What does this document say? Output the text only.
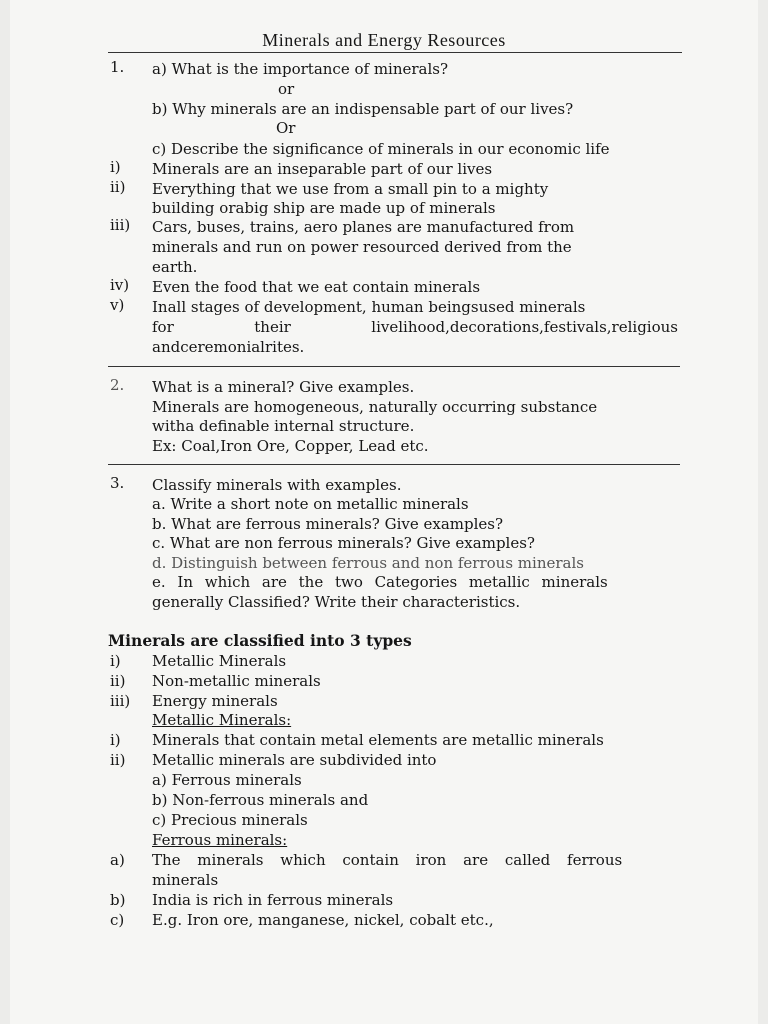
Minerals and Energy Resources
1. a) What is the importance of minerals?
or
b) Why minerals are an indispensable part of our lives?
Or
c) Describe the significance of minerals in our economic life
i) Minerals are an inseparable part of our lives
ii) Everything that we use from a small pin to a mighty
building orabig ship are made up of minerals
iii) Cars, buses, trains, aero planes are manufactured from
minerals and run on power resourced derived from the
earth.
iv) Even the food that we eat contain minerals
v) Inall stages of development, human beingsused minerals
for	their	livelihood,decorations,festivals,religious
andceremonialrites.
2. What is a mineral? Give examples.
Minerals are homogeneous, naturally occurring substance
witha definable internal structure.
Ex: Coal,Iron Ore, Copper, Lead etc.
3. Classify minerals with examples.
a. Write a short note on metallic minerals
b. What are ferrous minerals? Give examples?
c. What are non ferrous minerals? Give examples?
d. Distinguish between ferrous and non ferrous minerals
e. In which are the two Categories metallic minerals
generally Classified? Write their characteristics.
Minerals are classified into 3 types
i) Metallic Minerals
ii) Non-metallic minerals
iii) Energy minerals
Metallic Minerals:
i) Minerals that contain metal elements are metallic minerals
ii) Metallic minerals are subdivided into
a) Ferrous minerals
b) Non-ferrous minerals and
c) Precious minerals
Ferrous minerals:
a) The minerals which contain iron are called ferrous
minerals
b) India is rich in ferrous minerals
c) E.g. Iron ore, manganese, nickel, cobalt etc.,
